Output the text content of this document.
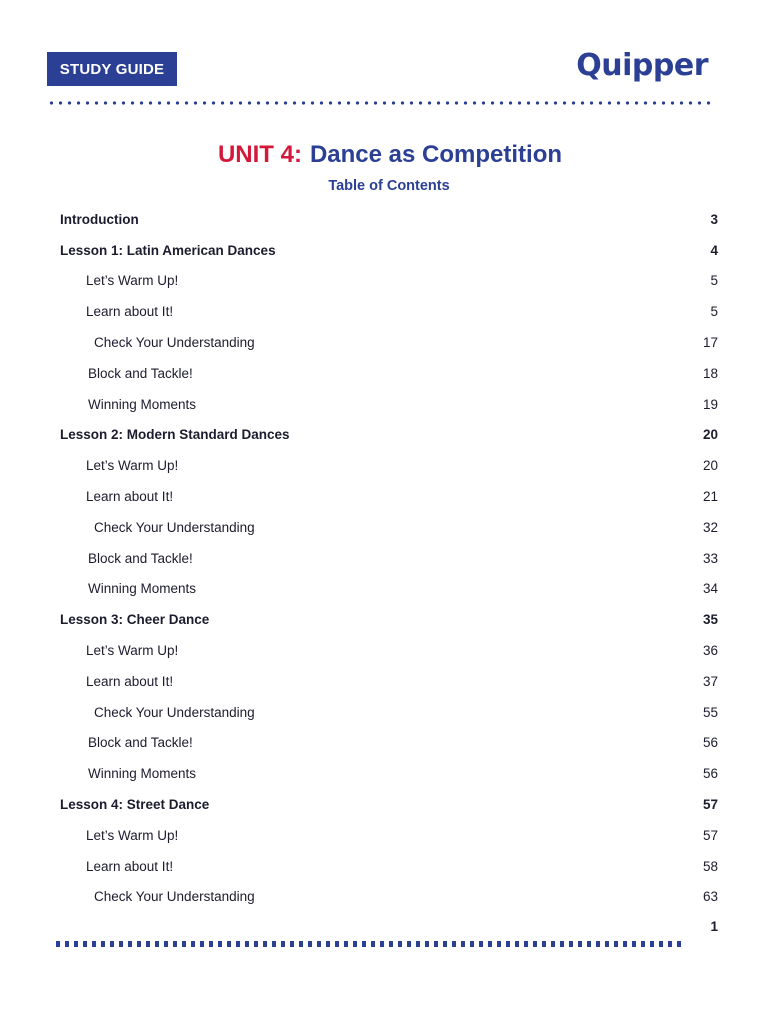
STUDY GUIDE	Quipper
UNIT 4: Dance as Competition
Table of Contents
Introduction	3
Lesson 1: Latin American Dances	4
Let’s Warm Up!	5
Learn about It!	5
Check Your Understanding	17
Block and Tackle!	18
Winning Moments	19
Lesson 2: Modern Standard Dances	20
Let’s Warm Up!	20
Learn about It!	21
Check Your Understanding	32
Block and Tackle!	33
Winning Moments	34
Lesson 3: Cheer Dance	35
Let’s Warm Up!	36
Learn about It!	37
Check Your Understanding	55
Block and Tackle!	56
Winning Moments	56
Lesson 4: Street Dance	57
Let’s Warm Up!	57
Learn about It!	58
Check Your Understanding	63
1
